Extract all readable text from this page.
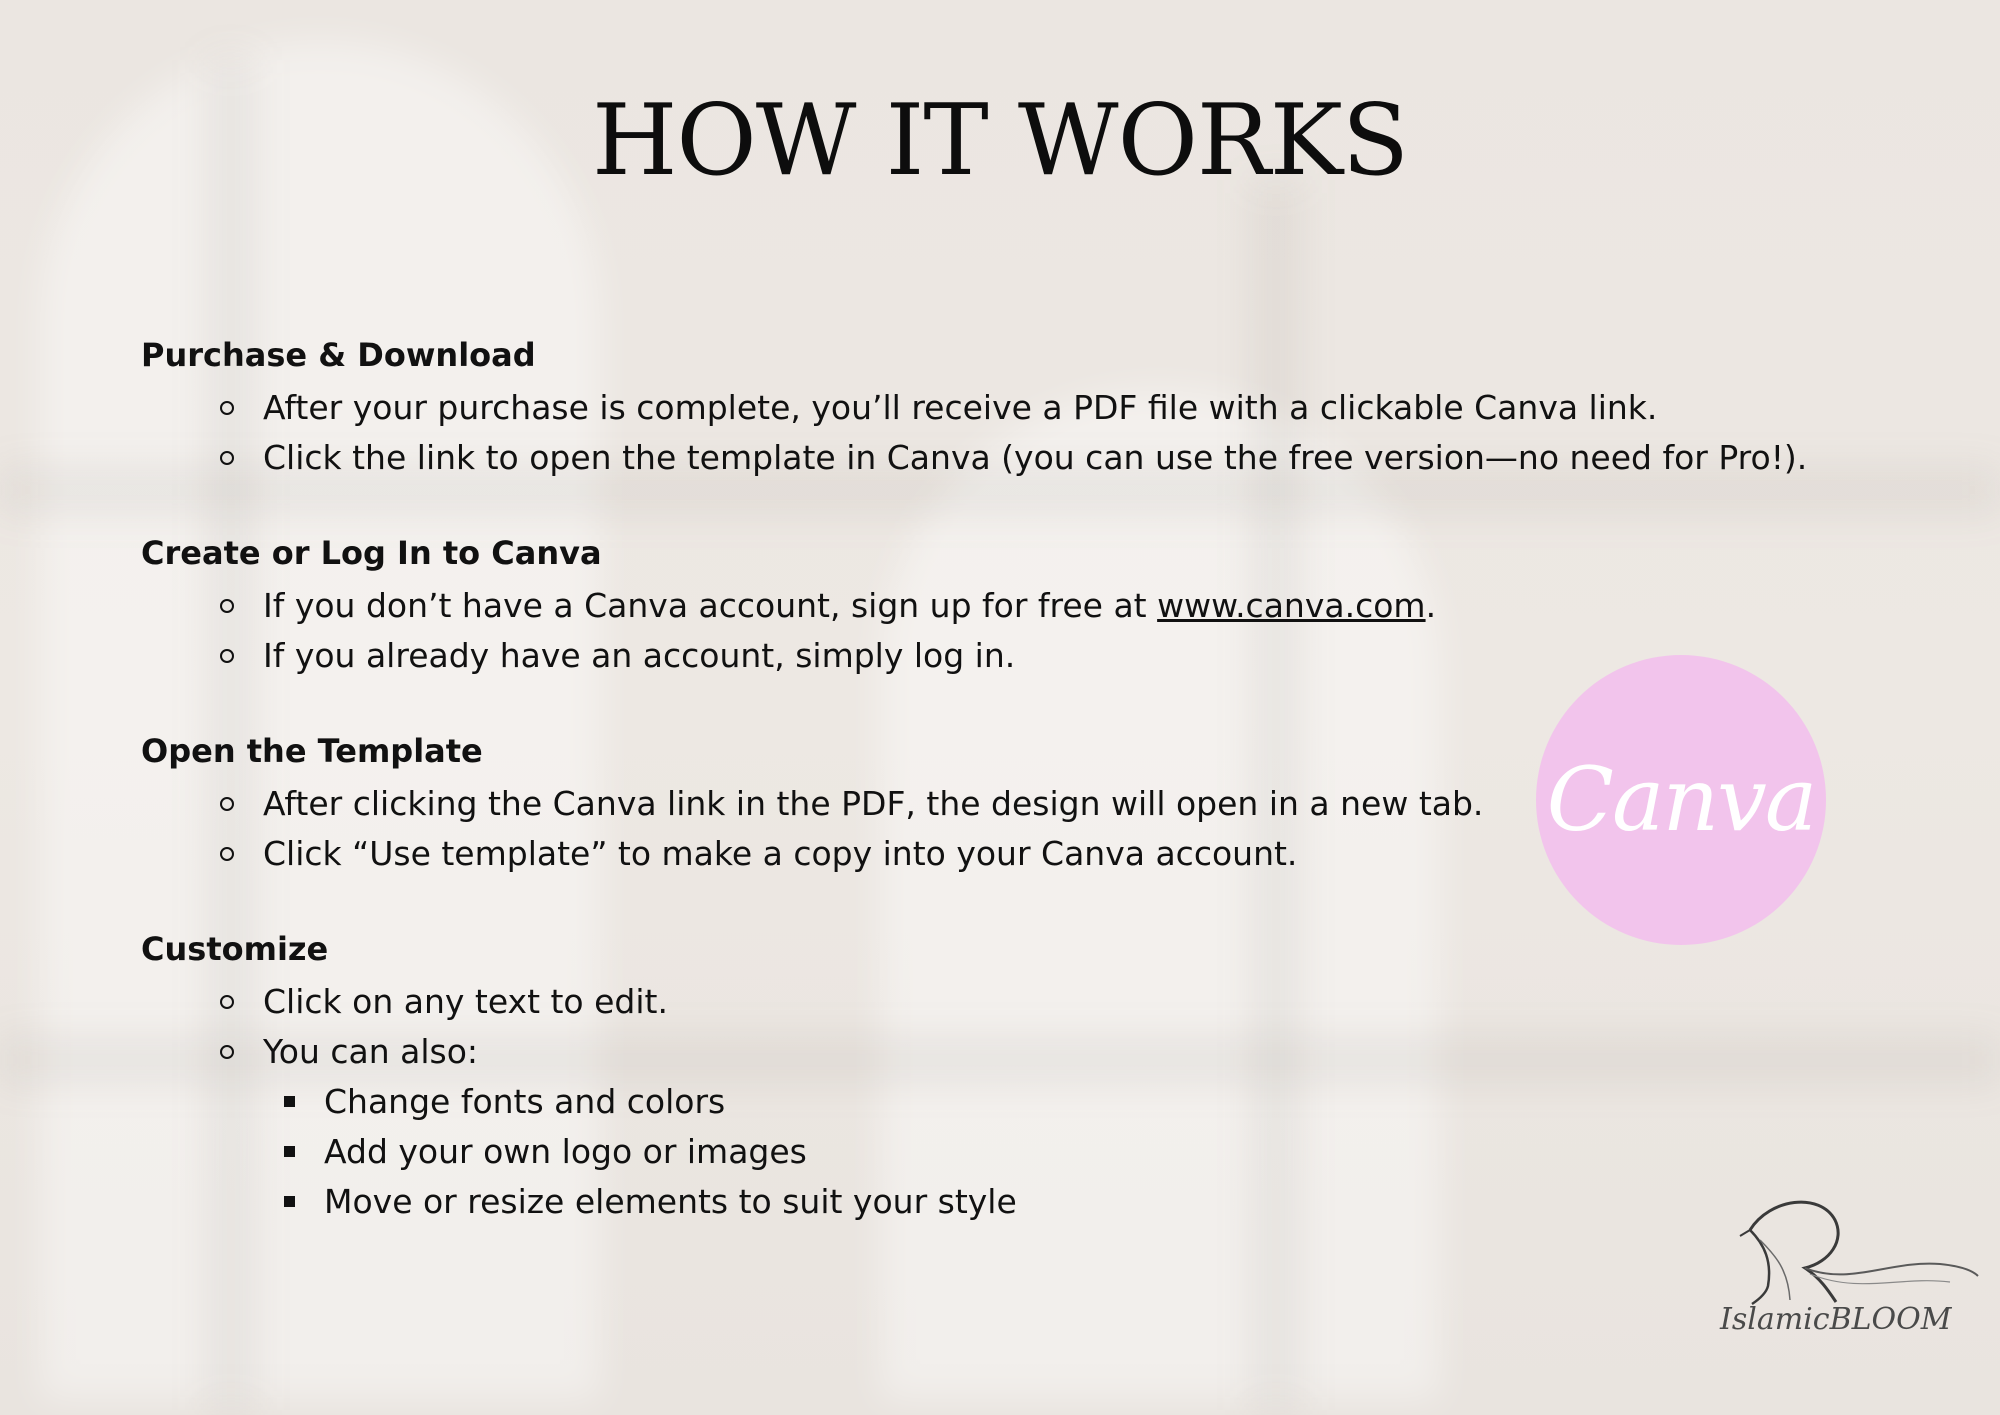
HOW IT WORKS
Purchase & Download
After your purchase is complete, you’ll receive a PDF file with a clickable Canva link.
Click the link to open the template in Canva (you can use the free version—no need for Pro!).
Create or Log In to Canva
If you don’t have a Canva account, sign up for free at www.canva.com.
If you already have an account, simply log in.
Open the Template
After clicking the Canva link in the PDF, the design will open in a new tab.
Click “Use template” to make a copy into your Canva account.
Customize
Click on any text to edit.
You can also:
Change fonts and colors
Add your own logo or images
Move or resize elements to suit your style
Canva
IslamicBLOOM
